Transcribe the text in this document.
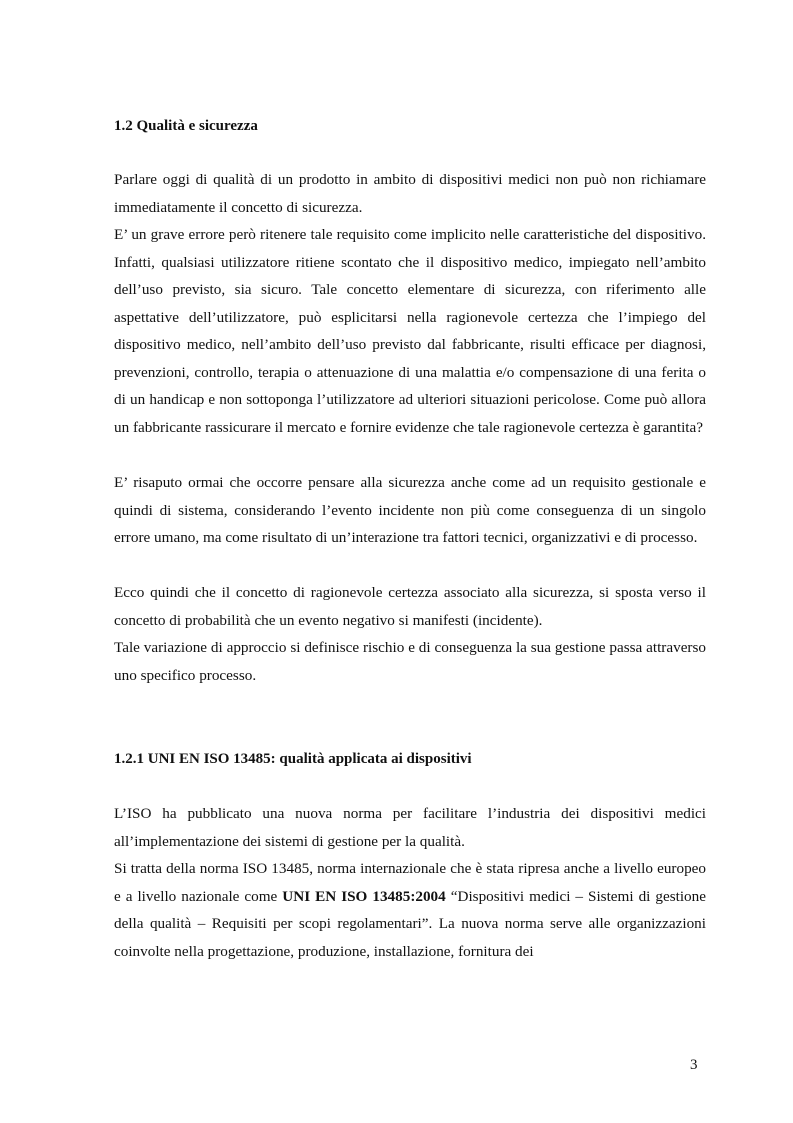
1.2 Qualità e sicurezza

Parlare oggi di qualità di un prodotto in ambito di dispositivi medici non può non richiamare immediatamente il concetto di sicurezza.

E’ un grave errore però ritenere tale requisito come implicito nelle caratteristiche del dispositivo. Infatti, qualsiasi utilizzatore ritiene scontato che il dispositivo medico, impiegato nell’ambito dell’uso previsto, sia sicuro. Tale concetto elementare di sicurezza, con riferimento alle aspettative dell’utilizzatore, può esplicitarsi nella ragionevole certezza che l’impiego del dispositivo medico, nell’ambito dell’uso previsto dal fabbricante, risulti efficace per diagnosi, prevenzioni, controllo, terapia o attenuazione di una malattia e/o compensazione di una ferita o di un handicap e non sottoponga l’utilizzatore ad ulteriori situazioni pericolose. Come può allora un fabbricante rassicurare il mercato e fornire evidenze che tale ragionevole certezza è garantita?

E’ risaputo ormai che occorre pensare alla sicurezza anche come ad un requisito gestionale e quindi di sistema, considerando l’evento incidente non più come conseguenza di un singolo errore umano, ma come risultato di un’interazione tra fattori tecnici, organizzativi e di processo.

Ecco quindi che il concetto di ragionevole certezza associato alla sicurezza, si sposta verso il concetto di probabilità che un evento negativo si manifesti (incidente).

Tale variazione di approccio si definisce rischio e di conseguenza la sua gestione passa attraverso uno specifico processo.

1.2.1 UNI EN ISO 13485: qualità applicata ai dispositivi

L’ISO ha pubblicato una nuova norma per facilitare l’industria dei dispositivi medici all’implementazione dei sistemi di gestione per la qualità.

Si tratta della norma ISO 13485, norma internazionale che è stata ripresa anche a livello europeo e a livello nazionale come UNI EN ISO 13485:2004 “Dispositivi medici – Sistemi di gestione della qualità – Requisiti per scopi regolamentari”. La nuova norma serve alle organizzazioni coinvolte nella progettazione, produzione, installazione, fornitura dei

3
